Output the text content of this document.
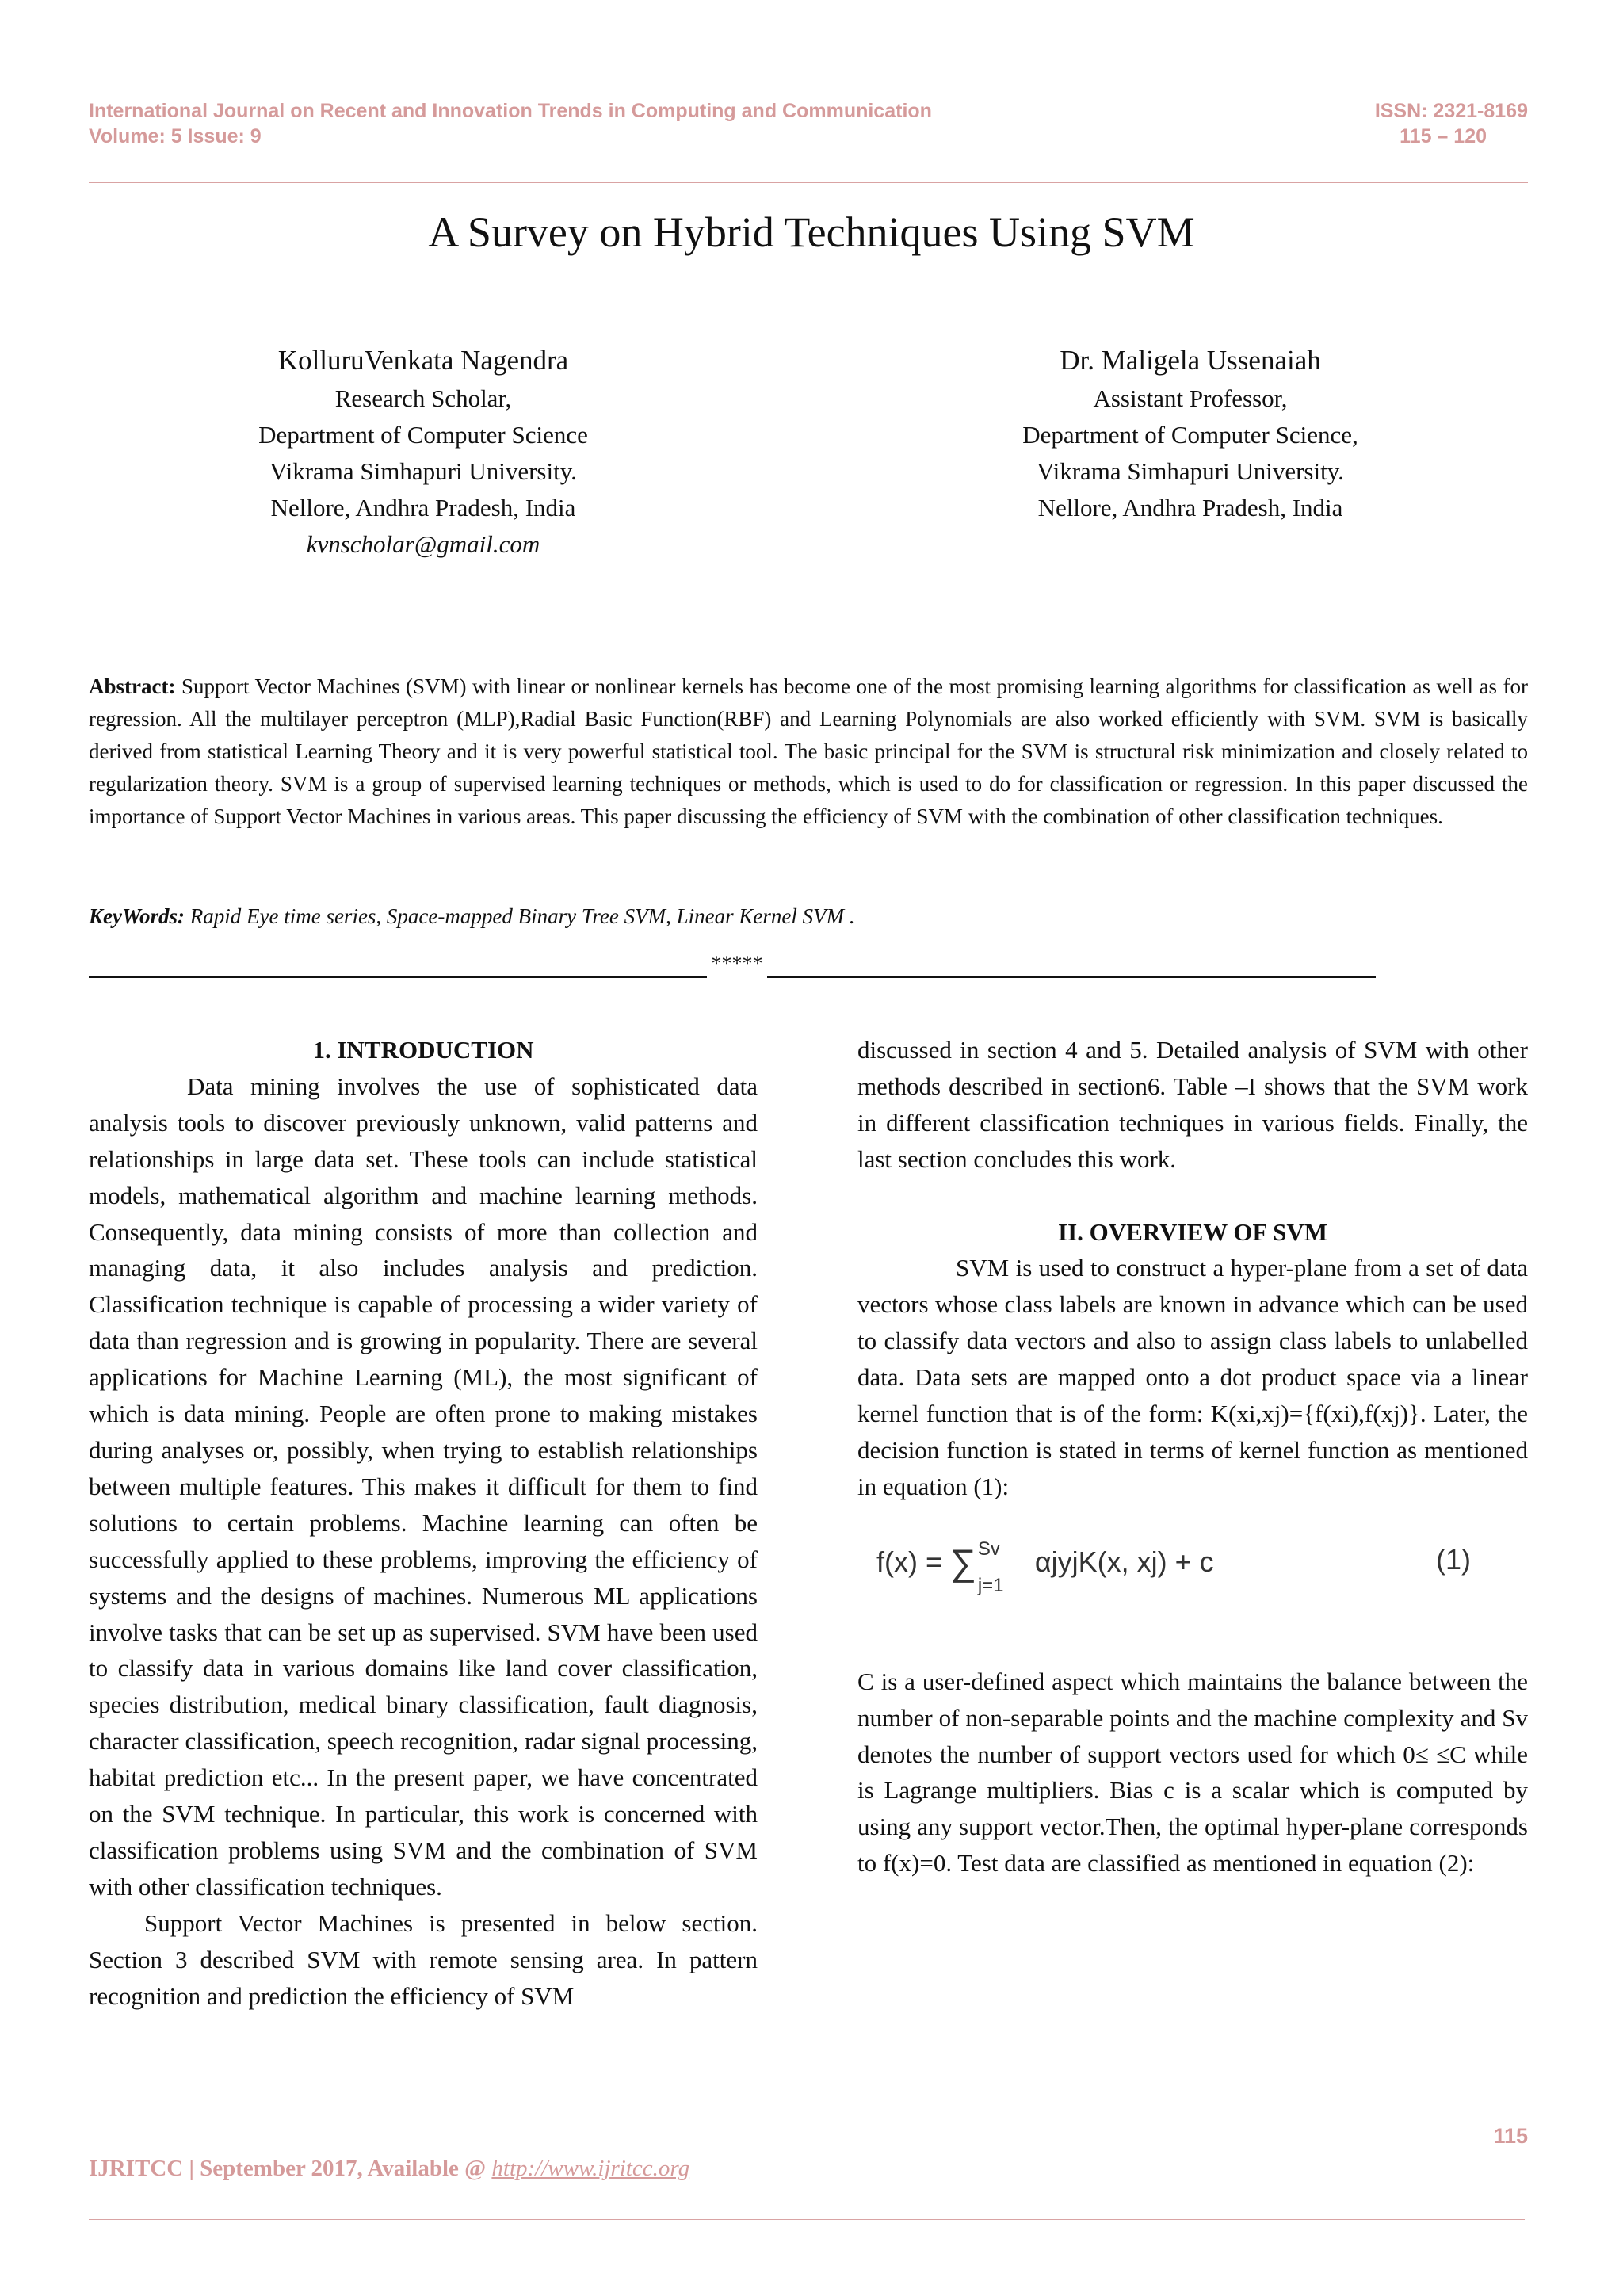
International Journal on Recent and Innovation Trends in Computing and Communication
Volume: 5 Issue: 9
ISSN: 2321-8169
115 – 120
A Survey on Hybrid Techniques Using SVM
KolluruVenkata Nagendra
Research Scholar,
Department of Computer Science
Vikrama Simhapuri University.
Nellore, Andhra Pradesh, India
kvnscholar@gmail.com
Dr. Maligela Ussenaiah
Assistant Professor,
Department of Computer Science,
Vikrama Simhapuri University.
Nellore, Andhra Pradesh, India
Abstract: Support Vector Machines (SVM) with linear or nonlinear kernels has become one of the most promising learning algorithms for classification as well as for regression. All the multilayer perceptron (MLP),Radial Basic Function(RBF) and Learning Polynomials are also worked efficiently with SVM. SVM is basically derived from statistical Learning Theory and it is very powerful statistical tool. The basic principal for the SVM is structural risk minimization and closely related to regularization theory. SVM is a group of supervised learning techniques or methods, which is used to do for classification or regression. In this paper discussed the importance of Support Vector Machines in various areas. This paper discussing the efficiency of SVM with the combination of other classification techniques.
KeyWords: Rapid Eye time series, Space-mapped Binary Tree SVM, Linear Kernel SVM .
*****

1. INTRODUCTION

Data mining involves the use of sophisticated data analysis tools to discover previously unknown, valid patterns and relationships in large data set. These tools can include statistical models, mathematical algorithm and machine learning methods. Consequently, data mining consists of more than collection and managing data, it also includes analysis and prediction. Classification technique is capable of processing a wider variety of data than regression and is growing in popularity. There are several applications for Machine Learning (ML), the most significant of which is data mining. People are often prone to making mistakes during analyses or, possibly, when trying to establish relationships between multiple features. This makes it difficult for them to find solutions to certain problems. Machine learning can often be successfully applied to these problems, improving the efficiency of systems and the designs of machines. Numerous ML applications involve tasks that can be set up as supervised. SVM have been used to classify data in various domains like land cover classification, species distribution, medical binary classification, fault diagnosis, character classification, speech recognition, radar signal processing, habitat prediction etc... In the present paper, we have concentrated on the SVM technique. In particular, this work is concerned with classification problems using SVM and the combination of SVM with other classification techniques.

Support Vector Machines is presented in below section. Section 3 described SVM with remote sensing area. In pattern recognition and prediction the efficiency of SVM

discussed in section 4 and 5. Detailed analysis of SVM with other methods described in section6. Table –I shows that the SVM work in different classification techniques in various fields. Finally, the last section concludes this work.

II. OVERVIEW OF SVM

SVM is used to construct a hyper-plane from a set of data vectors whose class labels are known in advance which can be used to classify data vectors and also to assign class labels to unlabelled data. Data sets are mapped onto a dot product space via a linear kernel function that is of the form: K(xi,xj)={f(xi),f(xj)}. Later, the decision function is stated in terms of kernel function as mentioned in equation (1):

f(x) = ∑ Sv
j=1
αjyjK(x, xj) + c	(1)

C is a user-defined aspect which maintains the balance between the number of non-separable points and the machine complexity and Sv denotes the number of support vectors used for which 0≤ ≤C while is Lagrange multipliers. Bias c is a scalar which is computed by using any support vector.Then, the optimal hyper-plane corresponds to f(x)=0. Test data are classified as mentioned in equation (2):

115
IJRITCC | September 2017, Available @ http://www.ijritcc.org
